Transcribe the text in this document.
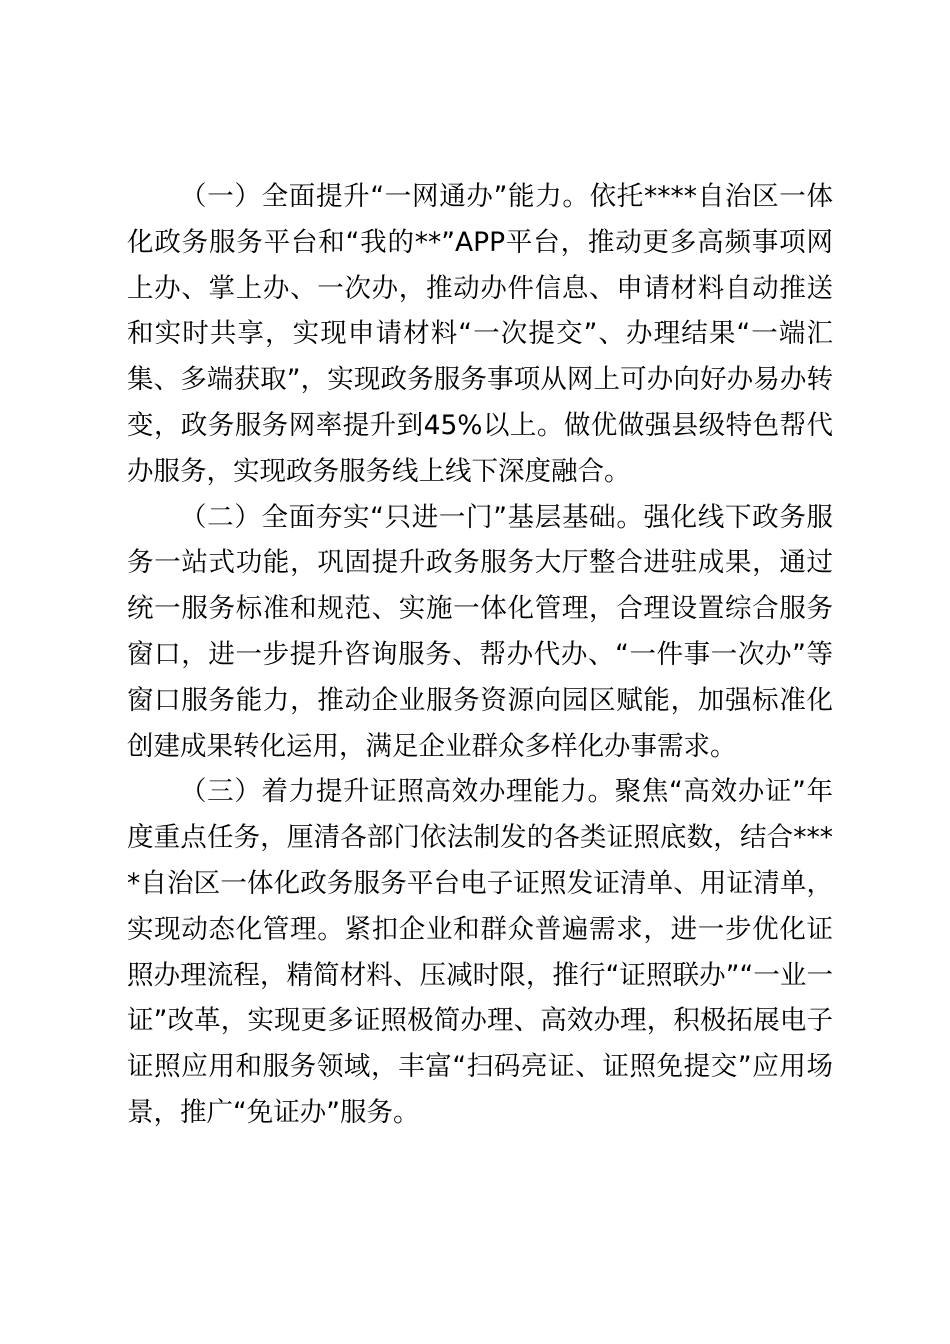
（一）全面提升“一网通办”能力。依托****自治区一体化政务服务平台和“我的**”APP平台，推动更多高频事项网上办、掌上办、一次办，推动办件信息、申请材料自动推送和实时共享，实现申请材料“一次提交”、办理结果“一端汇集、多端获取”，实现政务服务事项从网上可办向好办易办转变，政务服务网率提升到45%以上。做优做强县级特色帮代办服务，实现政务服务线上线下深度融合。

（二）全面夯实“只进一门”基层基础。强化线下政务服务一站式功能，巩固提升政务服务大厅整合进驻成果，通过统一服务标准和规范、实施一体化管理，合理设置综合服务窗口，进一步提升咨询服务、帮办代办、“一件事一次办”等窗口服务能力，推动企业服务资源向园区赋能，加强标准化创建成果转化运用，满足企业群众多样化办事需求。

（三）着力提升证照高效办理能力。聚焦“高效办证”年度重点任务，厘清各部门依法制发的各类证照底数，结合****自治区一体化政务服务平台电子证照发证清单、用证清单，实现动态化管理。紧扣企业和群众普遍需求，进一步优化证照办理流程，精简材料、压减时限，推行“证照联办”“一业一证”改革，实现更多证照极简办理、高效办理，积极拓展电子证照应用和服务领域，丰富“扫码亮证、证照免提交”应用场景，推广“免证办”服务。
